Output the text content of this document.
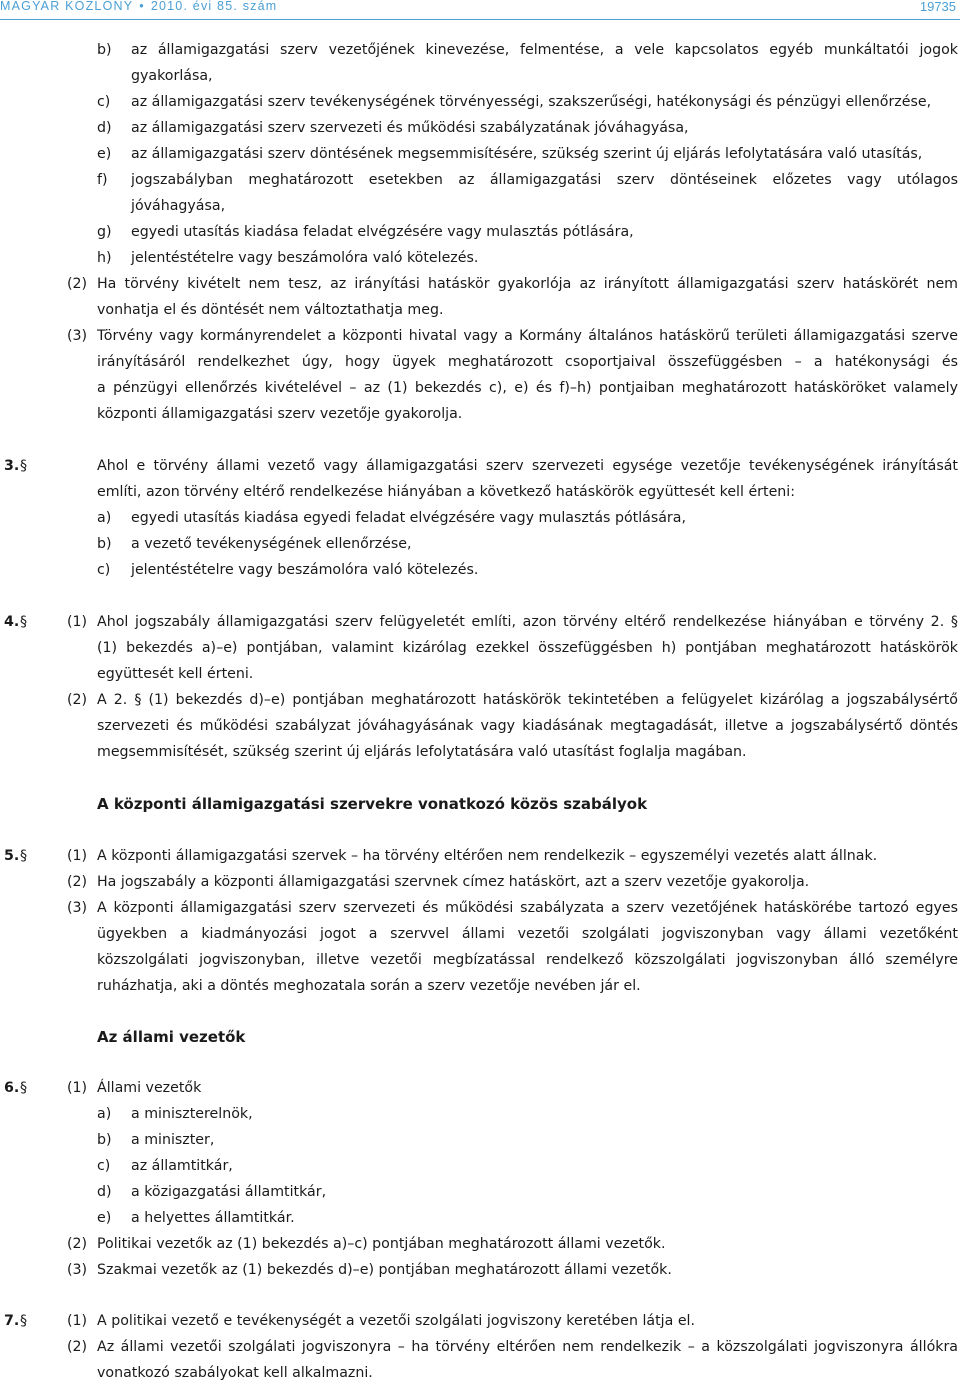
MAGYAR KÖZLÖNY • 2010. évi 85. szám	19735
b) az államigazgatási szerv vezetőjének kinevezése, felmentése, a vele kapcsolatos egyéb munkáltatói jogok
gyakorlása,
c) az államigazgatási szerv tevékenységének törvényességi, szakszerűségi, hatékonysági és pénzügyi ellenőrzése,
d) az államigazgatási szerv szervezeti és működési szabályzatának jóváhagyása,
e) az államigazgatási szerv döntésének megsemmisítésére, szükség szerint új eljárás lefolytatására való utasítás,
f) jogszabályban meghatározott esetekben az államigazgatási szerv döntéseinek előzetes vagy utólagos
jóváhagyása,
g) egyedi utasítás kiadása feladat elvégzésére vagy mulasztás pótlására,
h) jelentéstételre vagy beszámolóra való kötelezés.
(2) Ha törvény kivételt nem tesz, az irányítási hatáskör gyakorlója az irányított államigazgatási szerv hatáskörét nem
vonhatja el és döntését nem változtathatja meg.
(3) Törvény vagy kormányrendelet a központi hivatal vagy a Kormány általános hatáskörű területi államigazgatási szerve
irányításáról rendelkezhet úgy, hogy ügyek meghatározott csoportjaival összefüggésben – a hatékonysági és
a pénzügyi ellenőrzés kivételével – az (1) bekezdés c), e) és f)–h) pontjaiban meghatározott hatásköröket valamely
központi államigazgatási szerv vezetője gyakorolja.
3. §	Ahol e törvény állami vezető vagy államigazgatási szerv szervezeti egysége vezetője tevékenységének irányítását
említi, azon törvény eltérő rendelkezése hiányában a következő hatáskörök együttesét kell érteni:
a) egyedi utasítás kiadása egyedi feladat elvégzésére vagy mulasztás pótlására,
b) a vezető tevékenységének ellenőrzése,
c) jelentéstételre vagy beszámolóra való kötelezés.
4. §	(1) Ahol jogszabály államigazgatási szerv felügyeletét említi, azon törvény eltérő rendelkezése hiányában e törvény 2. §
(1) bekezdés a)–e) pontjában, valamint kizárólag ezekkel összefüggésben h) pontjában meghatározott hatáskörök
együttesét kell érteni.
(2) A 2. § (1) bekezdés d)–e) pontjában meghatározott hatáskörök tekintetében a felügyelet kizárólag a jogszabálysértő
szervezeti és működési szabályzat jóváhagyásának vagy kiadásának megtagadását, illetve a jogszabálysértő döntés
megsemmisítését, szükség szerint új eljárás lefolytatására való utasítást foglalja magában.
A központi államigazgatási szervekre vonatkozó közös szabályok
5. §	(1) A központi államigazgatási szervek – ha törvény eltérően nem rendelkezik – egyszemélyi vezetés alatt állnak.
(2) Ha jogszabály a központi államigazgatási szervnek címez hatáskört, azt a szerv vezetője gyakorolja.
(3) A központi államigazgatási szerv szervezeti és működési szabályzata a szerv vezetőjének hatáskörébe tartozó egyes
ügyekben a kiadmányozási jogot a szervvel állami vezetői szolgálati jogviszonyban vagy állami vezetőként
közszolgálati jogviszonyban, illetve vezetői megbízatással rendelkező közszolgálati jogviszonyban álló személyre
ruházhatja, aki a döntés meghozatala során a szerv vezetője nevében jár el.
Az állami vezetők
6. §	(1) Állami vezetők
a) a miniszterelnök,
b) a miniszter,
c) az államtitkár,
d) a közigazgatási államtitkár,
e) a helyettes államtitkár.
(2) Politikai vezetők az (1) bekezdés a)–c) pontjában meghatározott állami vezetők.
(3) Szakmai vezetők az (1) bekezdés d)–e) pontjában meghatározott állami vezetők.
7. §	(1) A politikai vezető e tevékenységét a vezetői szolgálati jogviszony keretében látja el.
(2) Az állami vezetői szolgálati jogviszonyra – ha törvény eltérően nem rendelkezik – a közszolgálati jogviszonyra állókra
vonatkozó szabályokat kell alkalmazni.
